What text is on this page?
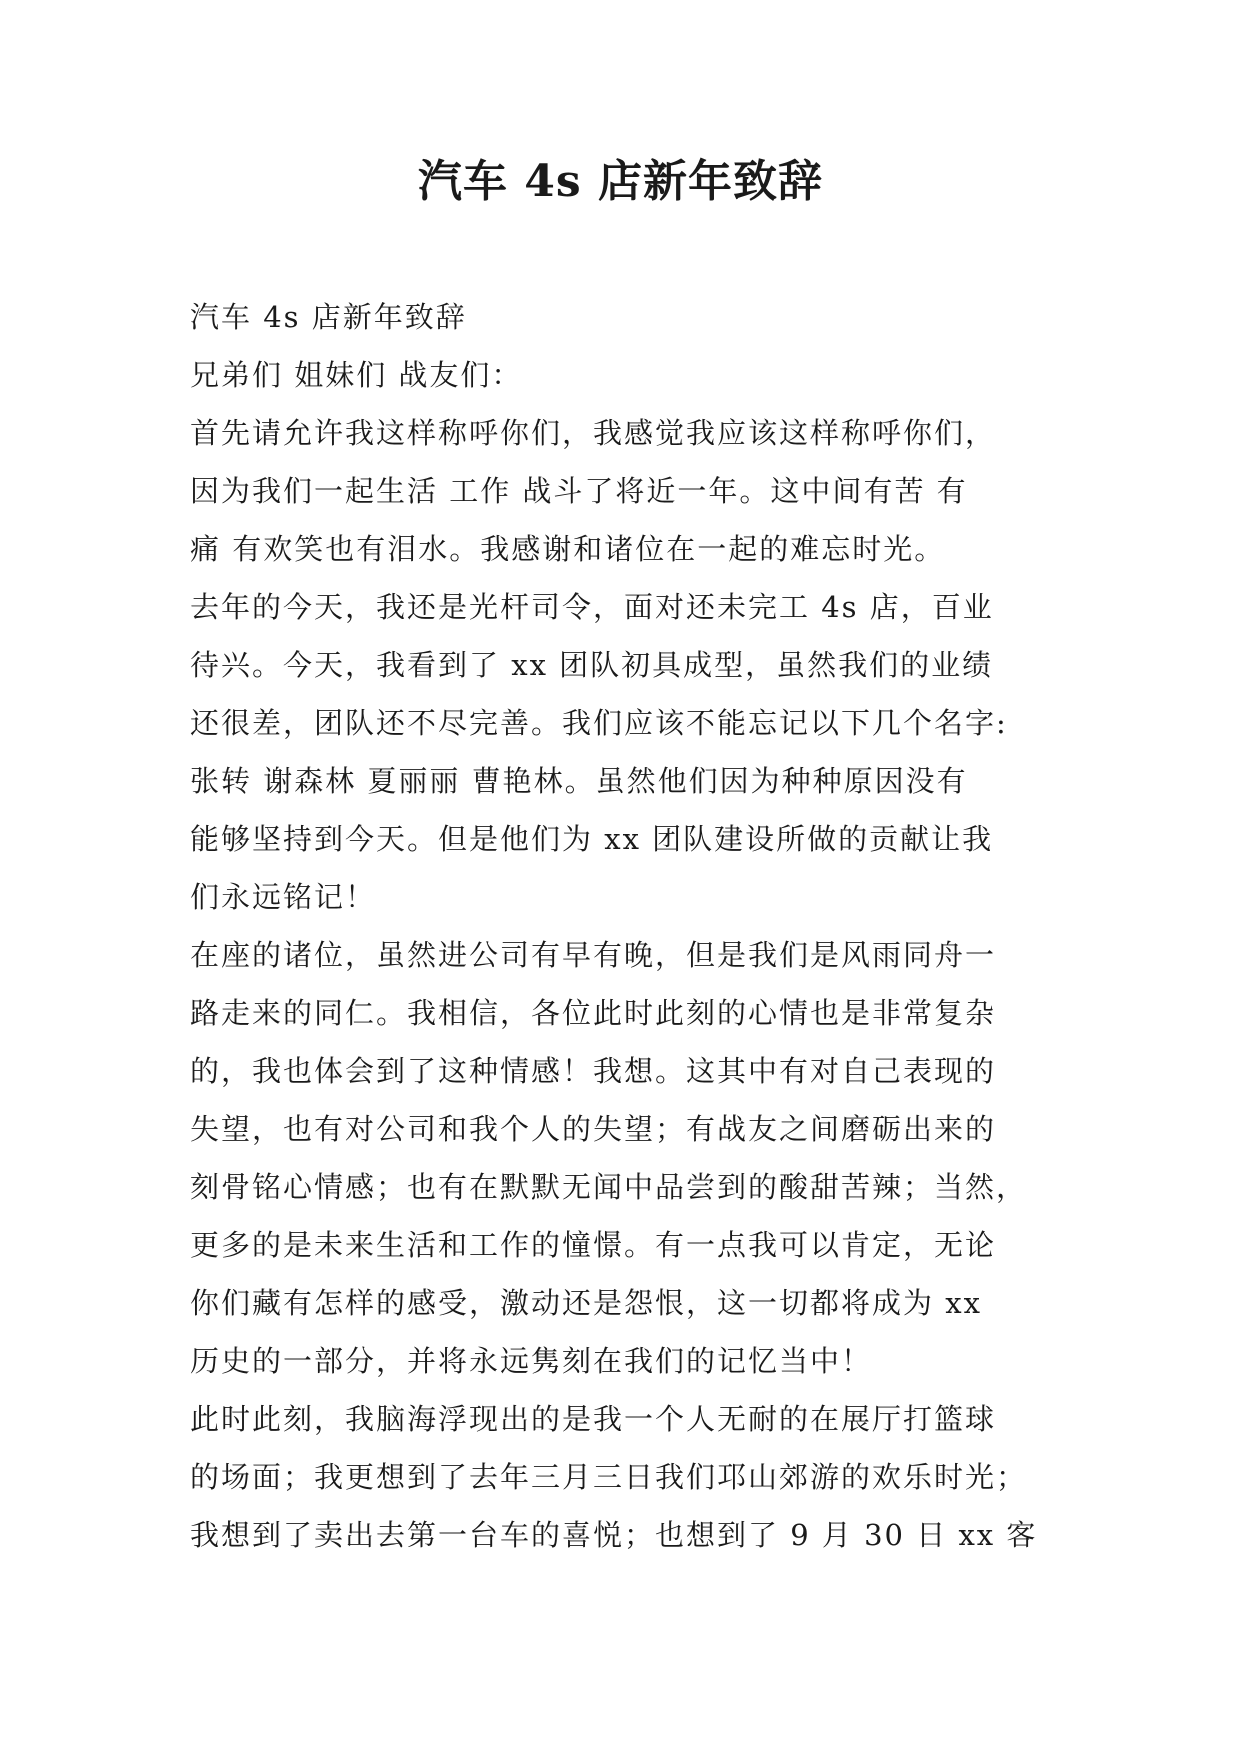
汽车 4s 店新年致辞
汽车 4s 店新年致辞
兄弟们 姐妹们 战友们：
首先请允许我这样称呼你们，我感觉我应该这样称呼你们，
因为我们一起生活 工作 战斗了将近一年。这中间有苦 有
痛 有欢笑也有泪水。我感谢和诸位在一起的难忘时光。
去年的今天，我还是光杆司令，面对还未完工 4s 店，百业
待兴。今天，我看到了 xx 团队初具成型，虽然我们的业绩
还很差，团队还不尽完善。我们应该不能忘记以下几个名字:
张转 谢森林 夏丽丽 曹艳林。虽然他们因为种种原因没有
能够坚持到今天。但是他们为 xx 团队建设所做的贡献让我
们永远铭记！
在座的诸位，虽然进公司有早有晚，但是我们是风雨同舟一
路走来的同仁。我相信，各位此时此刻的心情也是非常复杂
的，我也体会到了这种情感！我想。这其中有对自己表现的
失望，也有对公司和我个人的失望；有战友之间磨砺出来的
刻骨铭心情感；也有在默默无闻中品尝到的酸甜苦辣；当然，
更多的是未来生活和工作的憧憬。有一点我可以肯定，无论
你们藏有怎样的感受，激动还是怨恨，这一切都将成为 xx
历史的一部分，并将永远隽刻在我们的记忆当中！
此时此刻，我脑海浮现出的是我一个人无耐的在展厅打篮球
的场面；我更想到了去年三月三日我们邛山郊游的欢乐时光；
我想到了卖出去第一台车的喜悦；也想到了 9 月 30 日 xx 客
